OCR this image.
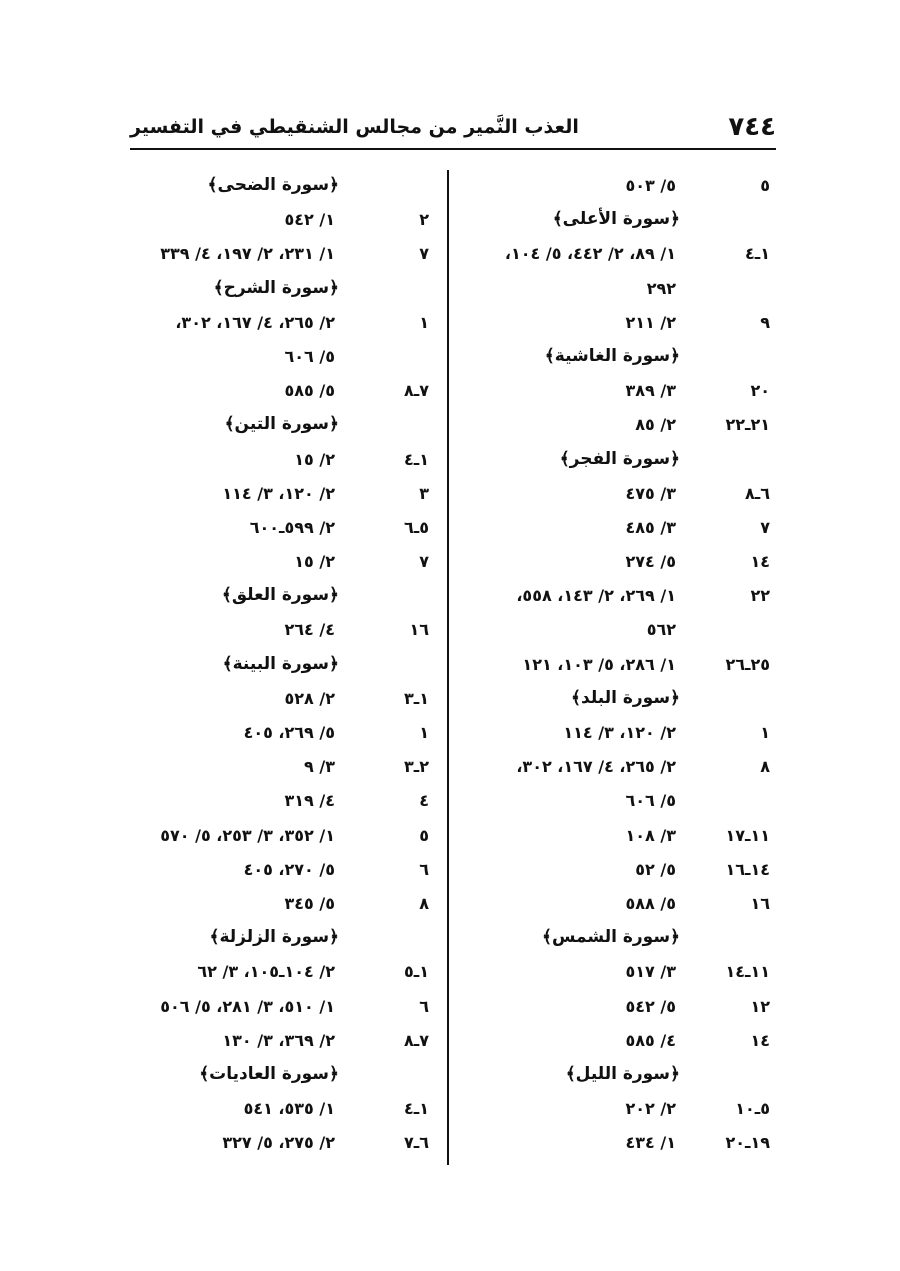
٧٤٤
العذب النَّمير من مجالس الشنقيطي في التفسير
٥
٥/ ٥٠٣
﴿سورة الأعلى﴾
١ـ٤
١/ ٨٩، ٢/ ٤٤٢، ٥/ ١٠٤،
٢٩٢
٩
٢/ ٢١١
﴿سورة الغاشية﴾
٢٠
٣/ ٣٨٩
٢١ـ٢٢
٢/ ٨٥
﴿سورة الفجر﴾
٦ـ٨
٣/ ٤٧٥
٧
٣/ ٤٨٥
١٤
٥/ ٢٧٤
٢٢
١/ ٢٦٩، ٢/ ١٤٣، ٥٥٨،
٥٦٢
٢٥ـ٢٦
١/ ٢٨٦، ٥/ ١٠٣، ١٢١
﴿سورة البلد﴾
١
٢/ ١٢٠، ٣/ ١١٤
٨
٢/ ٢٦٥، ٤/ ١٦٧، ٣٠٢،
٥/ ٦٠٦
١١ـ١٧
٣/ ١٠٨
١٤ـ١٦
٥/ ٥٢
١٦
٥/ ٥٨٨
﴿سورة الشمس﴾
١١ـ١٤
٣/ ٥١٧
١٢
٥/ ٥٤٢
١٤
٤/ ٥٨٥
﴿سورة الليل﴾
٥ـ١٠
٢/ ٢٠٢
١٩ـ٢٠
١/ ٤٣٤
﴿سورة الضحى﴾
٢
١/ ٥٤٢
٧
١/ ٢٣١، ٢/ ١٩٧، ٤/ ٣٣٩
﴿سورة الشرح﴾
١
٢/ ٢٦٥، ٤/ ١٦٧، ٣٠٢،
٥/ ٦٠٦
٧ـ٨
٥/ ٥٨٥
﴿سورة التين﴾
١ـ٤
٢/ ١٥
٣
٢/ ١٢٠، ٣/ ١١٤
٥ـ٦
٢/ ٥٩٩ـ٦٠٠
٧
٢/ ١٥
﴿سورة العلق﴾
١٦
٤/ ٢٦٤
﴿سورة البينة﴾
١ـ٣
٢/ ٥٢٨
١
٥/ ٢٦٩، ٤٠٥
٢ـ٣
٣/ ٩
٤
٤/ ٣١٩
٥
١/ ٣٥٢، ٣/ ٢٥٣، ٥/ ٥٧٠
٦
٥/ ٢٧٠، ٤٠٥
٨
٥/ ٣٤٥
﴿سورة الزلزلة﴾
١ـ٥
٢/ ١٠٤ـ١٠٥، ٣/ ٦٢
٦
١/ ٥١٠، ٣/ ٢٨١، ٥/ ٥٠٦
٧ـ٨
٢/ ٣٦٩، ٣/ ١٣٠
﴿سورة العاديات﴾
١ـ٤
١/ ٥٣٥، ٥٤١
٦ـ٧
٢/ ٢٧٥، ٥/ ٣٢٧
